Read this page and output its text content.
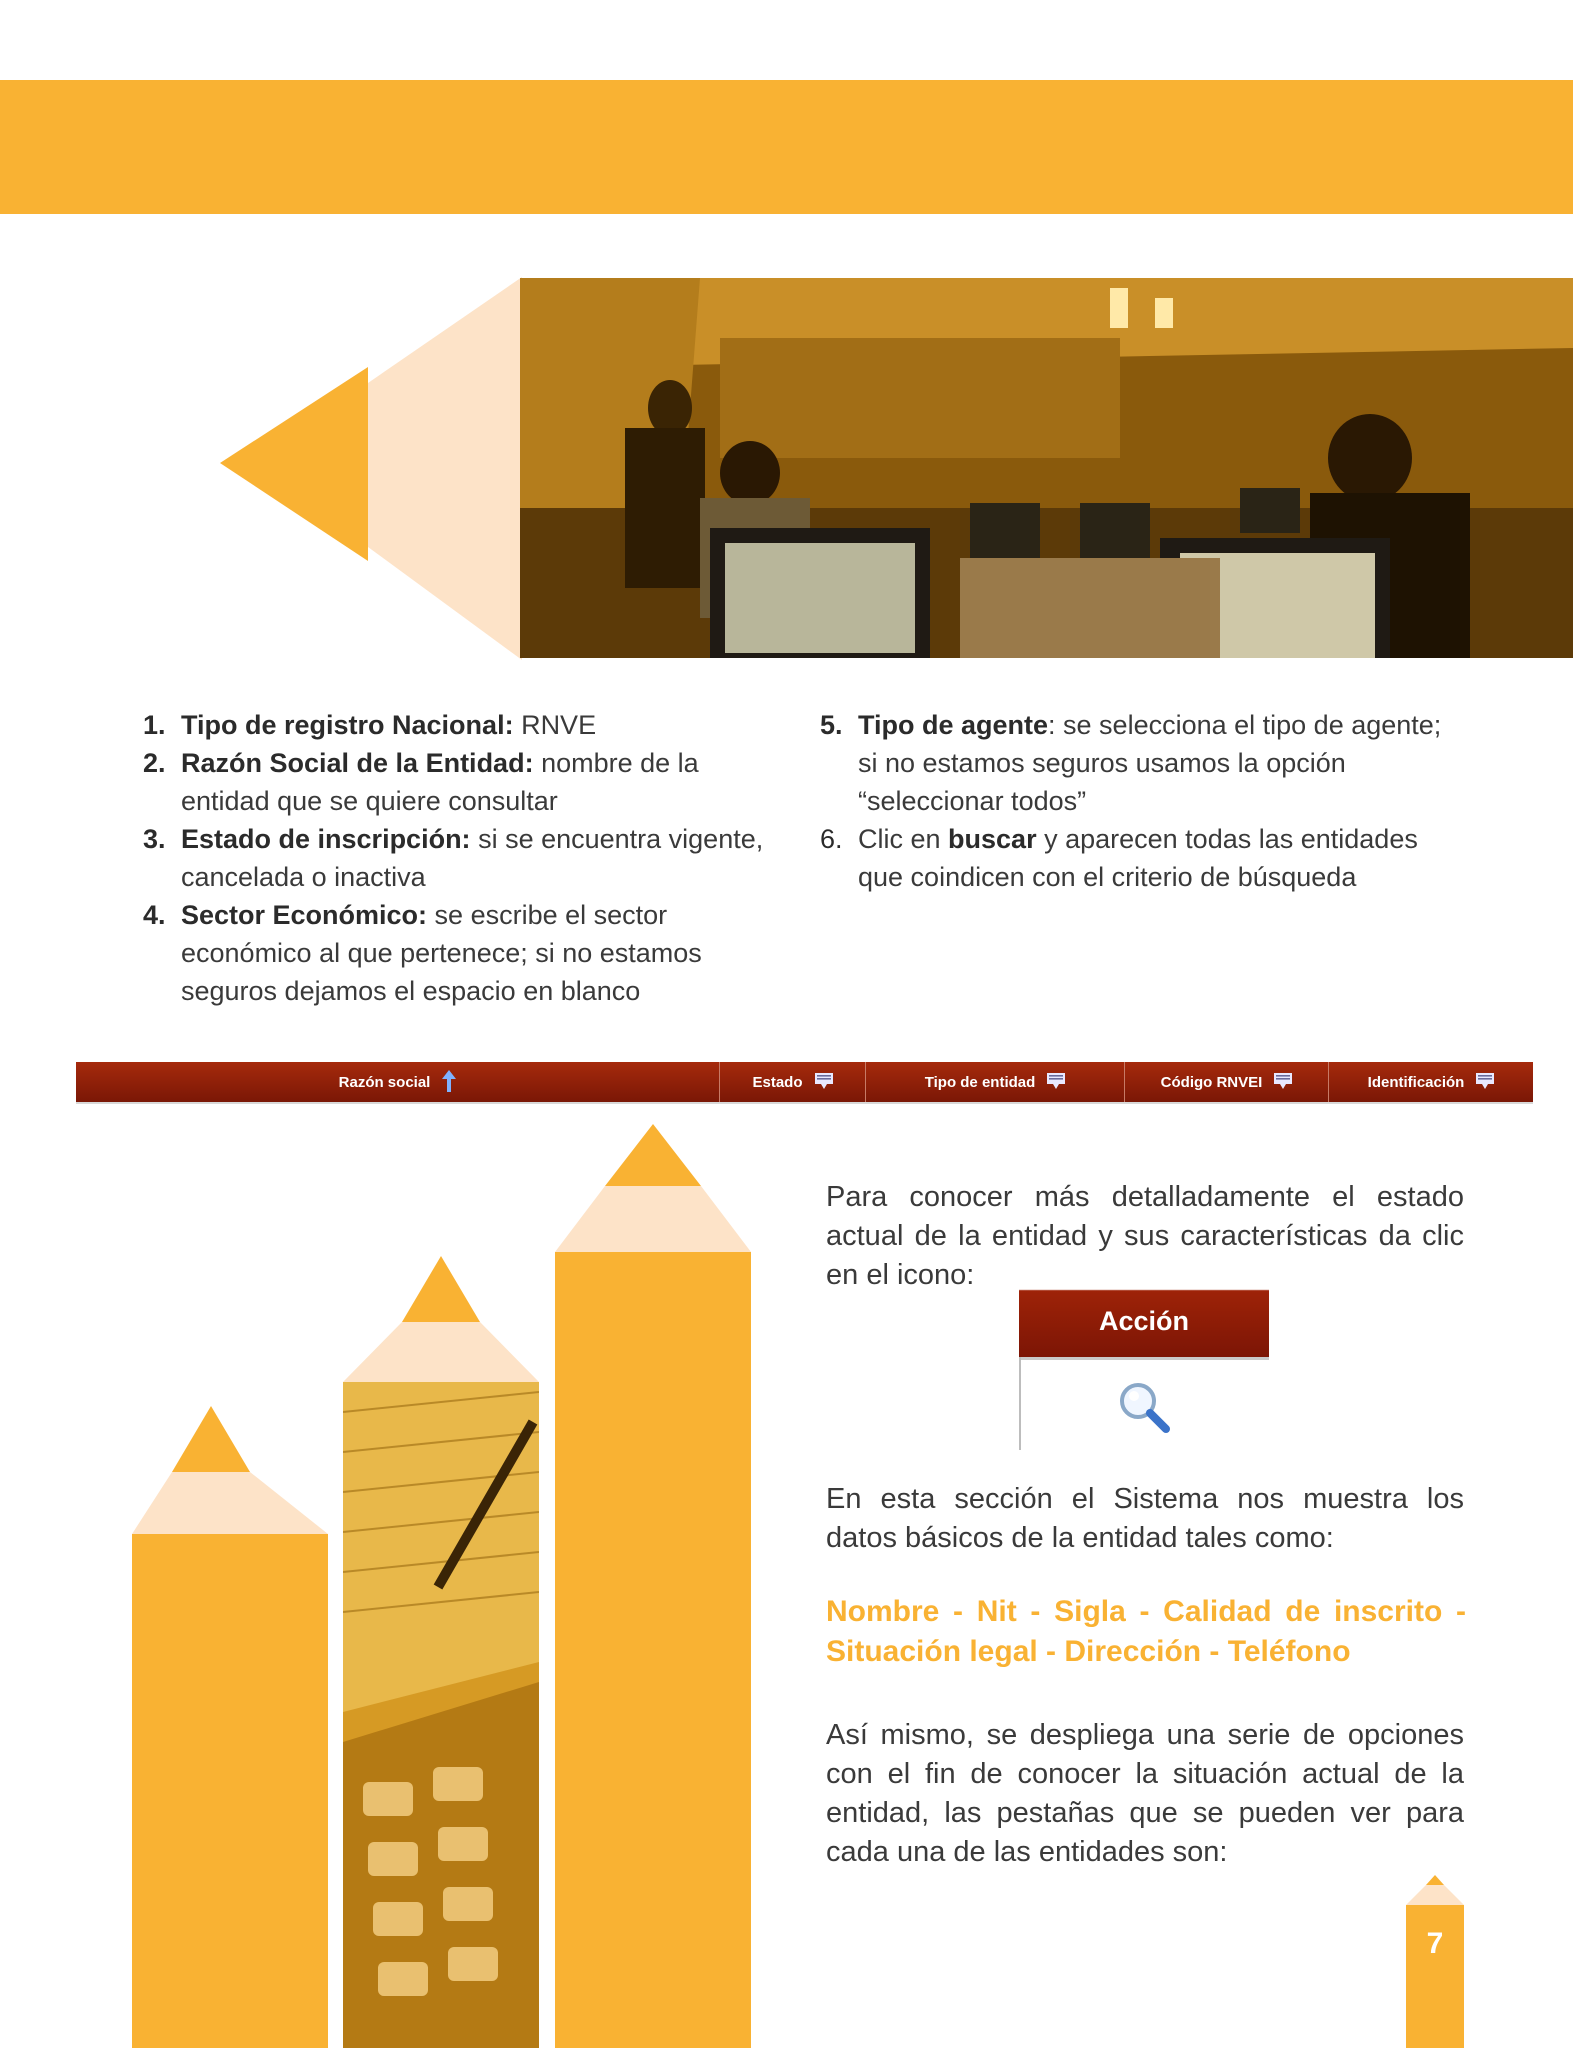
1. Tipo de registro Nacional: RNVE

2. Razón Social de la Entidad: nombre de la entidad que se quiere consultar

3. Estado de inscripción: si se encuentra vigente, cancelada o inactiva

4. Sector Económico: se escribe el sector económico al que pertenece; si no estamos seguros dejamos el espacio en blanco

5. Tipo de agente: se selecciona el tipo de agente; si no estamos seguros usamos la opción “seleccionar todos”

6. Clic en buscar y aparecen todas las entidades que coindicen con el criterio de búsqueda

Razón social	Estado	Tipo de entidad	Código RNVEI	Identificación

Para conocer más detalladamente el estado actual de la entidad y sus características da clic en el icono:

Acción

En esta sección el Sistema nos muestra los datos básicos de la entidad tales como:

Nombre - Nit - Sigla - Calidad de inscrito - Situación legal - Dirección - Teléfono

Así mismo, se despliega una serie de opciones con el fin de conocer la situación actual de la entidad, las pestañas que se pueden ver para cada una de las entidades son:

7
